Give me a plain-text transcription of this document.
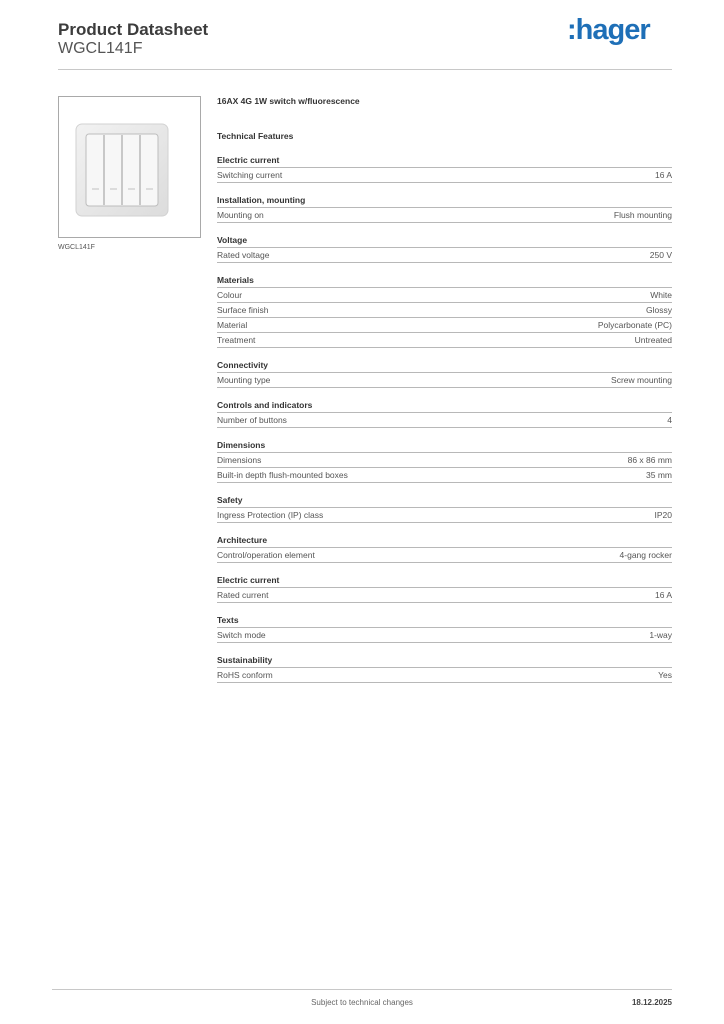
Product Datasheet
WGCL141F
:hager
WGCL141F
16AX 4G 1W switch w/fluorescence
Technical Features
Electric current
Switching current	16 A
Installation, mounting
Mounting on	Flush mounting
Voltage
Rated voltage	250 V
Materials
Colour	White
Surface finish	Glossy
Material	Polycarbonate (PC)
Treatment	Untreated
Connectivity
Mounting type	Screw mounting
Controls and indicators
Number of buttons	4
Dimensions
Dimensions	86 x 86 mm
Built-in depth flush-mounted boxes	35 mm
Safety
Ingress Protection (IP) class	IP20
Architecture
Control/operation element	4-gang rocker
Electric current
Rated current	16 A
Texts
Switch mode	1-way
Sustainability
RoHS conform	Yes
Subject to technical changes	18.12.2025
